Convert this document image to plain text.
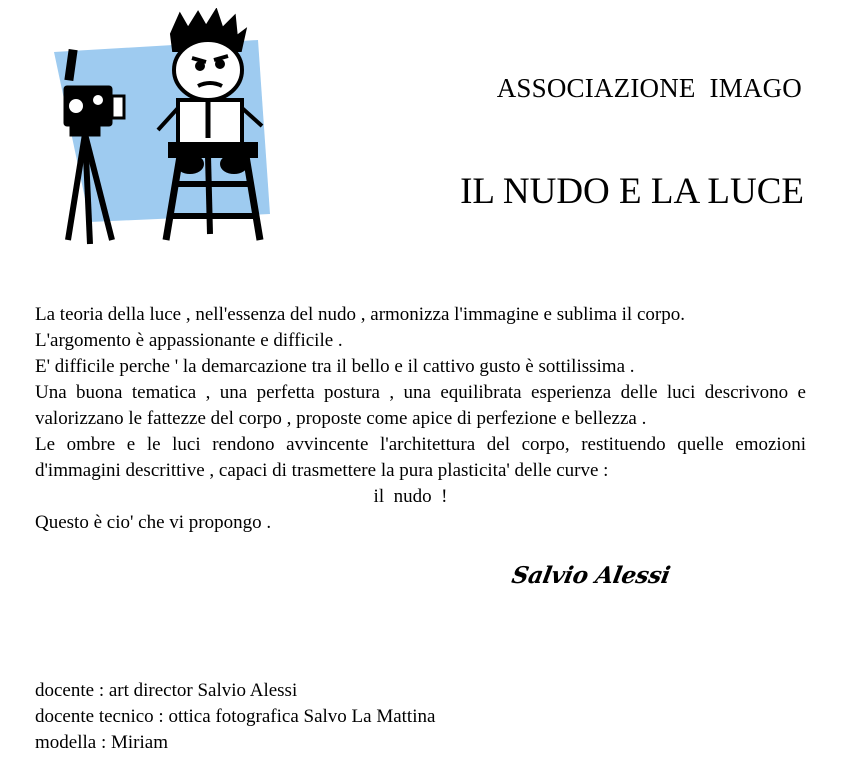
ASSOCIAZIONE  IMAGO
IL NUDO E LA LUCE

La teoria della luce , nell'essenza del nudo , armonizza l'immagine e sublima il corpo.

L'argomento è appassionante e difficile .

E' difficile perche ' la demarcazione tra il bello e il cattivo gusto è sottilissima .

Una buona tematica , una perfetta postura , una equilibrata esperienza delle luci descrivono e valorizzano le fattezze del corpo , proposte come apice di perfezione e bellezza .

Le ombre e le luci rendono avvincente l'architettura del corpo, restituendo quelle emozioni d'immagini descrittive , capaci di trasmettere la pura plasticita' delle curve :

il  nudo  !

Questo è cio' che vi propongo .

Salvio Alessi
docente : art director Salvio Alessi
docente tecnico : ottica fotografica Salvo La Mattina
modella : Miriam
